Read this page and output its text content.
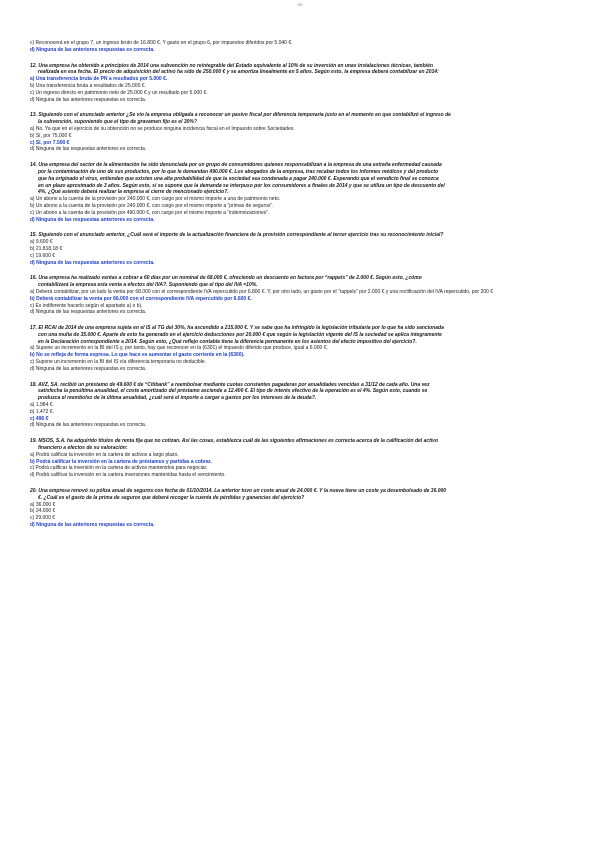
nn
c) Reconocerá en el grupo 7, un ingreso bruto de 16.800 €. Y gasto en el grupo 6, por impuestos diferidos por 5.040 €.
d) Ninguna de las anteriores respuestas es correcta.
12. Una empresa ha obtenido a principios de 2014 una subvención no reintegrable del Estado equivalente al 10% de su inversión en unas instalaciones técnicas, también
realizada en esa fecha. El precio de adquisición del activo ha sido de 250.000 € y se amortiza linealmente en 5 años. Según esto, la empresa deberá contabilizar en 2014:
a) Una transferencia bruta de PN a resultados por 5.000 €.
b) Una transferencia bruta a resultados de 25.000 €.
c) Un ingreso directo en patrimonio neto de 25.000 € y un resultado por 5.000 €.
d) Ninguna de las anteriores respuestas es correcta.
13. Siguiendo con el enunciado anterior ¿Se vio la empresa obligada a reconocer un pasivo fiscal por diferencia temporaria justo en el momento en que contabilizó el ingreso de
la subvención, suponiendo que el tipo de gravamen fijo es el 30%?
a) No. Ya que en el ejercicio de su obtención no se produce ninguna incidencia fiscal en el Impuesto sobre Sociedades.
b) Sí, por 75.000 €
c) Sí, por 7.500 €
d) Ninguna de las respuestas anteriores es correcta.
14. Una empresa del sector de la alimentación ha sido denunciada por un grupo de consumidores quienes responsabilizan a la empresa de una extraña enfermedad causada
por la contaminación de uno de sus productos, por lo que le demandan 490.000 €. Los abogados de la empresa, tras recabar todos los informes médicos y del producto
que ha originado el virus, entienden que existen una alta probabilidad de que la sociedad sea condenada a pagar 240.000 €. Esperando que el veredicto final se conozca
en un plazo aproximado de 3 años. Según esto, si se supone que la demanda se interpuso por los consumidores a finales de 2014 y que se utiliza un tipo de descuento del
4%, ¿Qué asiento deberá realizar la empresa al cierre de mencionado ejercicio?.
a) Un abono a la cuenta de la provisión por 240.000 €, con cargo por el mismo importe a una de patrimonio neto.
b) Un abono a la cuenta de la provisión por 240.000 €, con cargo por el mismo importe a “primas de seguros”.
c) Un abono a la cuenta de la provisión por 490.000 €, con cargo por el mismo importe a “indemnizaciones”.
d) Ninguna de las respuestas anteriores es correcta.
15. Siguiendo con el enunciado anterior, ¿Cuál será el importe de la actualización financiera de la provisión correspondiente al tercer ejercicio tras su reconocimiento inicial?
a) 9.600 €
b) 21.818,18 €
c) 19.600 €
d) Ninguna de las respuestas anteriores es correcta.
16. Una empresa ha realizado ventas a cobrar a 60 días por un nominal de 68.000 €, ofreciendo un descuento en factura por “rappels” de 2.000 €. Según esto, ¿cómo
contabilizará la empresa esta venta a efectos del IVA?. Suponiendo que el tipo del IVA =10%.
a) Deberá contabilizar, por un lado la venta por 68.000 con el correspondiente IVA repercutido por 6.800 €. Y, por otro lado, un gasto por el “rappels” por 2.000 € y una rectificación del IVA repercutido, por 200 €
b) Deberá contabilizar la venta por 66.000 con el correspondiente IVA repercutido por 6.600 €.
c) Es indiferente hacerlo según el apartado a) o b).
d) Ninguna de las respuestas anteriores es correcta.
17. El RCAI de 2014 de una empresa sujeta en el IS al TG del 30%, ha ascendido a 215.000 €. Y se sabe que ha infringido la legislación tributaria por lo que ha sido sancionada
con una multa de 35.000 €. Aparte de esto ha generado en el ejercicio deducciones por 20.000 € que según la legislación vigente del IS la sociedad se aplica íntegramente
en la Declaración correspondiente a 2014. Según esto, ¿Qué reflejo contable tiene la diferencia permanente en los asientos del efecto impositivo del ejercicio?.
a) Supone un incremento en la BI del IS y, por tanto, hay que reconocer en la (6301) el impuesto diferido que produce, igual a 6.000 €.
b) No se refleja de forma expresa. Lo que hace es aumentar el gasto corriente en la (6300).
c) Supone un incremento en la BI del IS vía diferencia temporaria no deducible.
d) Ninguna de las anteriores respuestas es correcta.
18. AVZ, SA. recibió un préstamo de 49.600 € de “Citibank” a reembolsar mediante cuotas constantes pagaderas por anualidades vencidas a 31/12 de cada año. Una vez
satisfecha la penúltima anualidad, el coste amortizado del préstamo asciende a 12.400 €. El tipo de interés efectivo de la operación es el 4%. Según esto, cuando se
produzca el reembolso de la última anualidad, ¿cuál será el importe a cargar a gastos por los intereses de la deuda?.
a) 1.984 €.
b) 1.472 €.
c) 496 €
d) Ninguna de las anteriores respuestas es correcta.
19. MSOS, S.A. ha adquirido títulos de renta fija que no cotizan. Así las cosas, establezca cuál de las siguientes afirmaciones es correcta acerca de la calificación del activo
financiero a efectos de su valoración:
a) Podrá calificar la inversión en la cartera de activos a largo plazo.
b) Podrá calificar la inversión en la cartera de préstamos y partidas a cobrar.
c) Podrá calificar la inversión en la cartera de activos mantenidos para negociar.
d) Podrá calificar la inversión en la cartera inversiones mantenidas hasta el vencimiento.
20. Una empresa renovó su póliza anual de seguros con fecha de 01/10/2014. La anterior tuvo un coste anual de 24.000 €. Y la nueva tiene un coste ya desembolsado de 36.000
€. ¿Cuál es el gasto de la prima de seguros que deberá recoger la cuenta de pérdidas y ganancias del ejercicio?
a) 36.000 €
b) 24.000 €
c) 29.000 €
d) Ninguna de las anteriores respuestas es correcta.
